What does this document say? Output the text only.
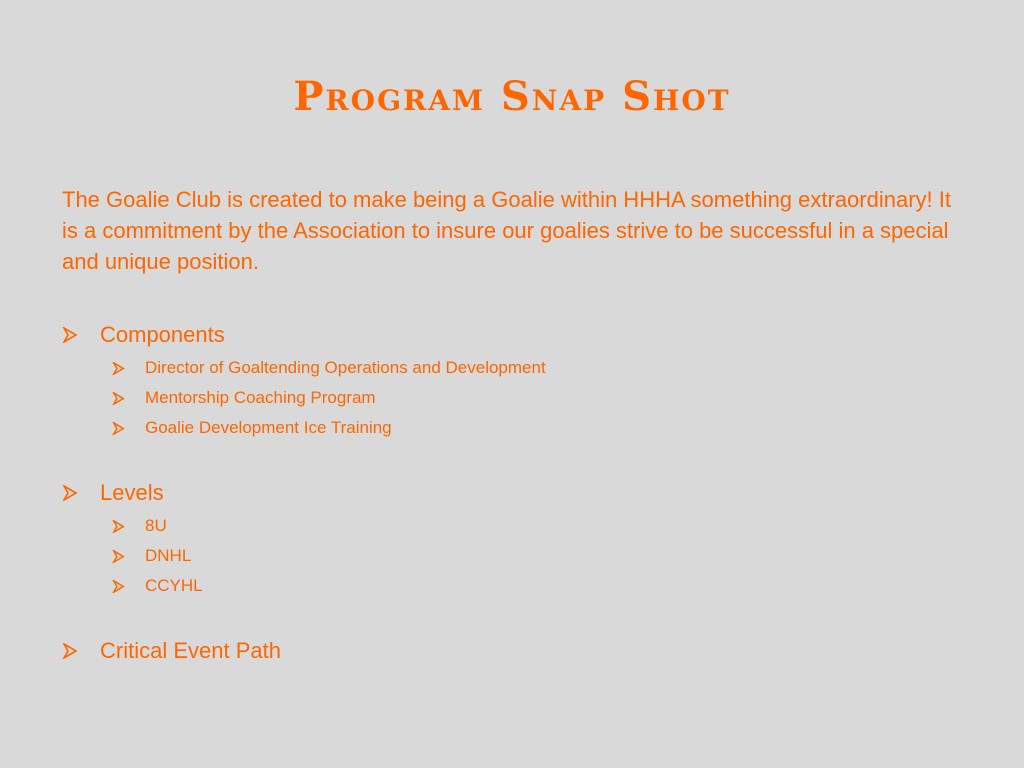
Program Snap Shot
The Goalie Club is created to make being a Goalie within HHHA something extraordinary! It is a commitment by the Association to insure our goalies strive to be successful in a special and unique position.
Components
Director of Goaltending Operations and Development
Mentorship Coaching Program
Goalie Development Ice Training
Levels
8U
DNHL
CCYHL
Critical Event Path
